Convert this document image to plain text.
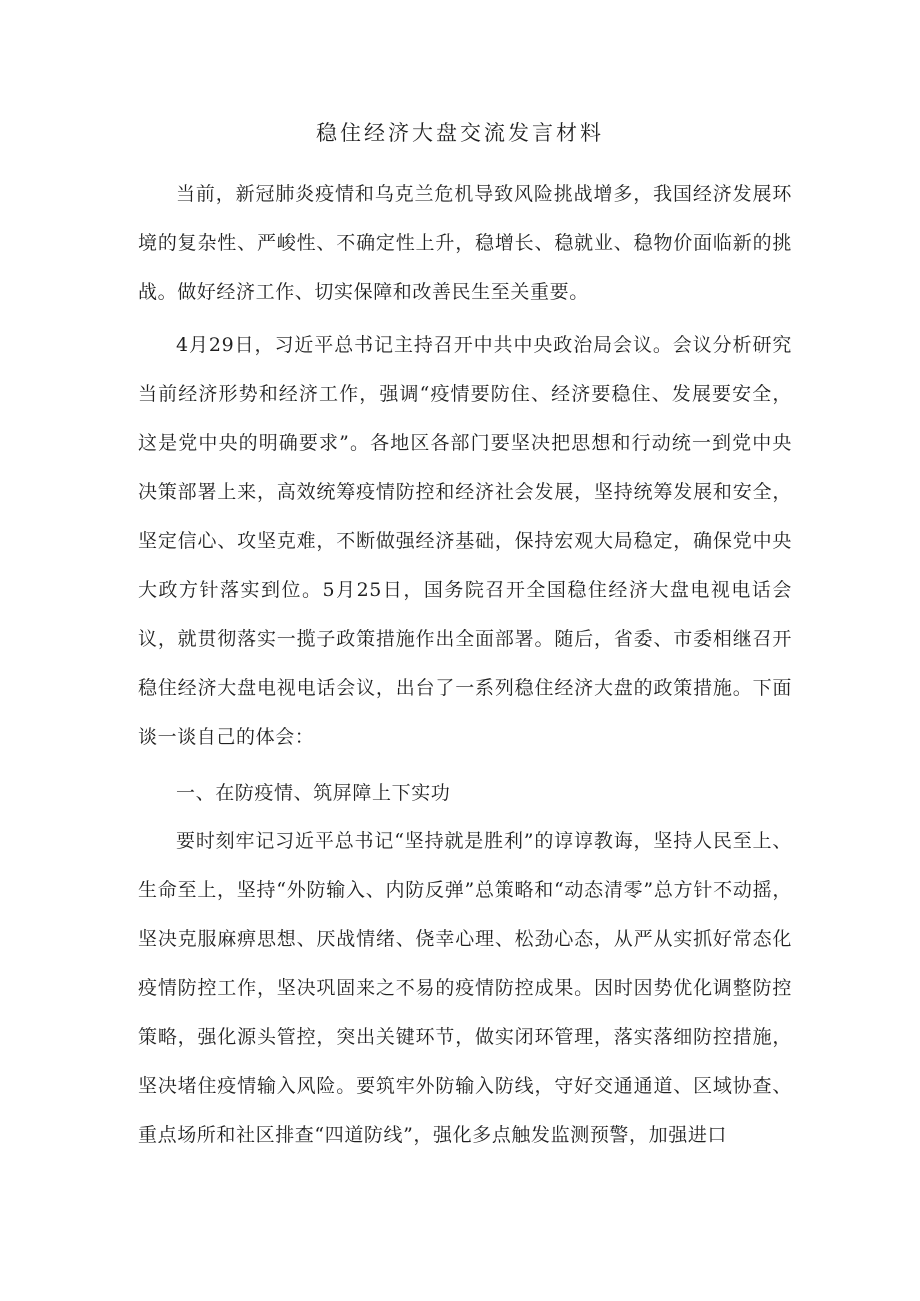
稳住经济大盘交流发言材料

当前，新冠肺炎疫情和乌克兰危机导致风险挑战增多，我国经济发展环境的复杂性、严峻性、不确定性上升，稳增长、稳就业、稳物价面临新的挑战。做好经济工作、切实保障和改善民生至关重要。

4月29日，习近平总书记主持召开中共中央政治局会议。会议分析研究当前经济形势和经济工作，强调“疫情要防住、经济要稳住、发展要安全，这是党中央的明确要求”。各地区各部门要坚决把思想和行动统一到党中央决策部署上来，高效统筹疫情防控和经济社会发展，坚持统筹发展和安全，坚定信心、攻坚克难，不断做强经济基础，保持宏观大局稳定，确保党中央大政方针落实到位。5月25日，国务院召开全国稳住经济大盘电视电话会议，就贯彻落实一揽子政策措施作出全面部署。随后，省委、市委相继召开稳住经济大盘电视电话会议，出台了一系列稳住经济大盘的政策措施。下面谈一谈自己的体会：

一、在防疫情、筑屏障上下实功

要时刻牢记习近平总书记“坚持就是胜利”的谆谆教诲，坚持人民至上、生命至上，坚持“外防输入、内防反弹”总策略和“动态清零”总方针不动摇，坚决克服麻痹思想、厌战情绪、侥幸心理、松劲心态，从严从实抓好常态化疫情防控工作，坚决巩固来之不易的疫情防控成果。因时因势优化调整防控策略，强化源头管控，突出关键环节，做实闭环管理，落实落细防控措施，坚决堵住疫情输入风险。要筑牢外防输入防线，守好交通通道、区域协查、重点场所和社区排查“四道防线”，强化多点触发监测预警，加强进口
